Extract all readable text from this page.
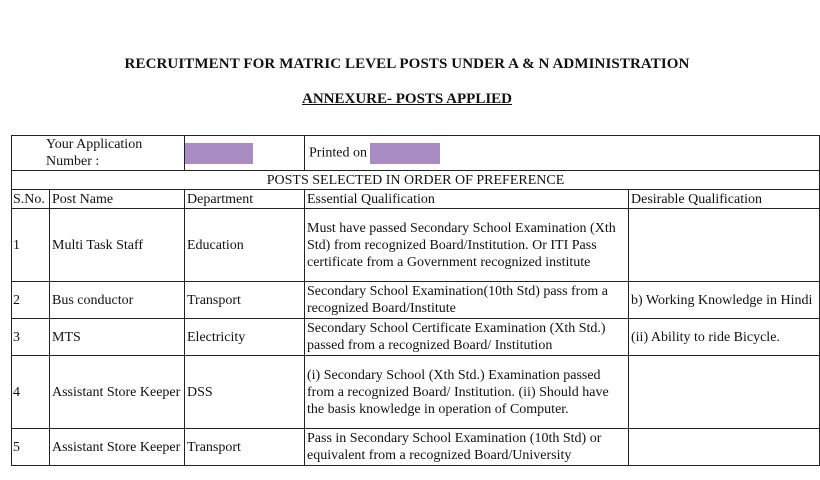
RECRUITMENT FOR MATRIC LEVEL POSTS UNDER A & N ADMINISTRATION
ANNEXURE- POSTS APPLIED
Your Application Number :			Printed on	
POSTS SELECTED IN ORDER OF PREFERENCE				
S.No.	Post Name	Department	Essential Qualification	Desirable Qualification
1	Multi Task Staff	Education	Must have passed Secondary School Examination (Xth Std) from recognized Board/Institution. Or ITI Pass certificate from a Government recognized institute	
2	Bus conductor	Transport	Secondary School Examination(10th Std) pass from a recognized Board/Institute	b) Working Knowledge in Hindi
3	MTS	Electricity	Secondary School Certificate Examination (Xth Std.) passed from a recognized Board/ Institution	(ii) Ability to ride Bicycle.
4	Assistant Store Keeper	DSS	(i) Secondary School (Xth Std.) Examination passed from a recognized Board/ Institution. (ii) Should have the basis knowledge in operation of Computer.	
5	Assistant Store Keeper	Transport	Pass in Secondary School Examination (10th Std) or equivalent from a recognized Board/University	
